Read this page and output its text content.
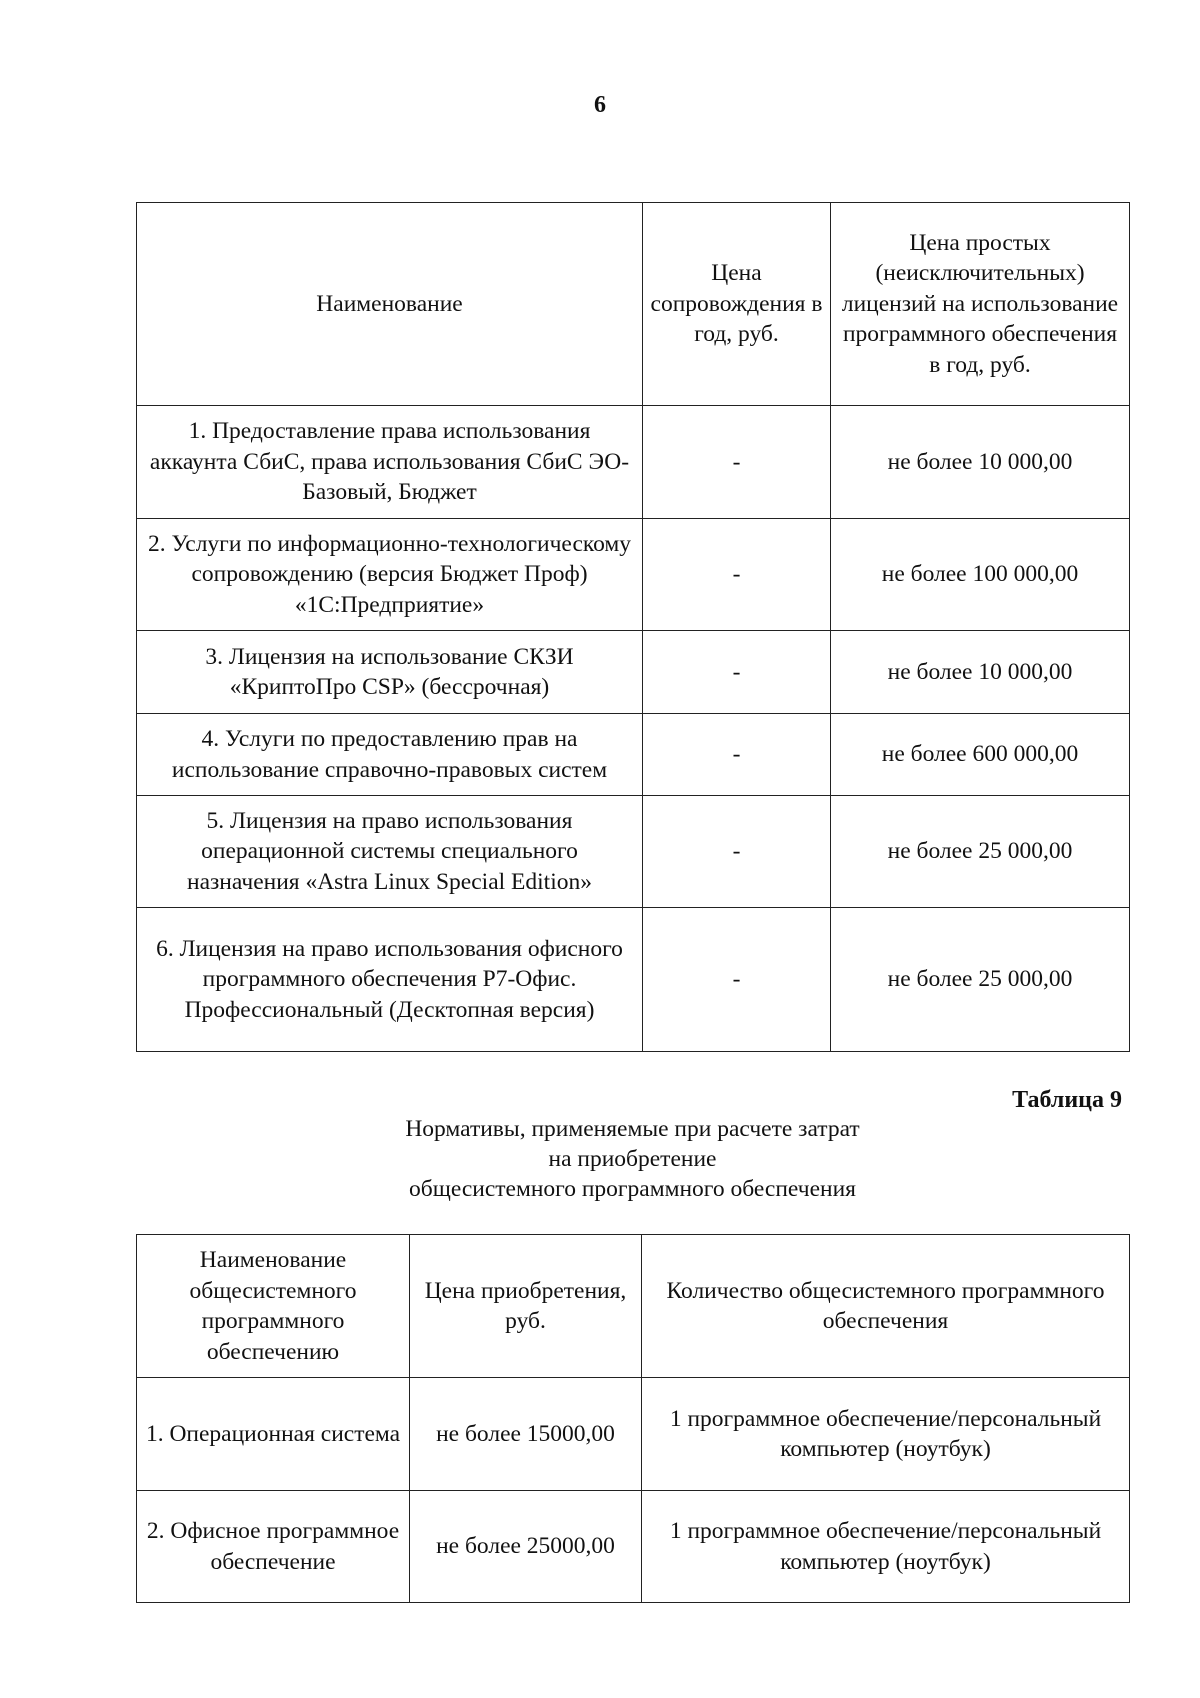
6
Наименование	Цена сопровождения в год, руб.	Цена простых (неисключительных) лицензий на использование программного обеспечения в год, руб.
1. Предоставление права использования аккаунта СбиС, права использования СбиС ЭО-Базовый, Бюджет	-	не более 10 000,00
2. Услуги по информационно-технологическому сопровождению (версия Бюджет Проф) «1С:Предприятие»	-	не более 100 000,00
3. Лицензия на использование СКЗИ «КриптоПро CSP» (бессрочная)	-	не более 10 000,00
4. Услуги по предоставлению прав на использование справочно-правовых систем	-	не более 600 000,00
5. Лицензия на право использования операционной системы специального назначения «Astra Linux Special Edition»	-	не более 25 000,00
6. Лицензия на право использования офисного программного обеспечения Р7-Офис. Профессиональный (Десктопная версия)	-	не более 25 000,00
Таблица 9
Нормативы, применяемые при расчете затрат
на приобретение
общесистемного программного обеспечения
Наименование общесистемного программного обеспечению	Цена приобретения, руб.	Количество общесистемного программного обеспечения
1. Операционная система	не более 15000,00	1 программное обеспечение/персональный компьютер (ноутбук)
2. Офисное программное обеспечение	не более 25000,00	1 программное обеспечение/персональный компьютер (ноутбук)
